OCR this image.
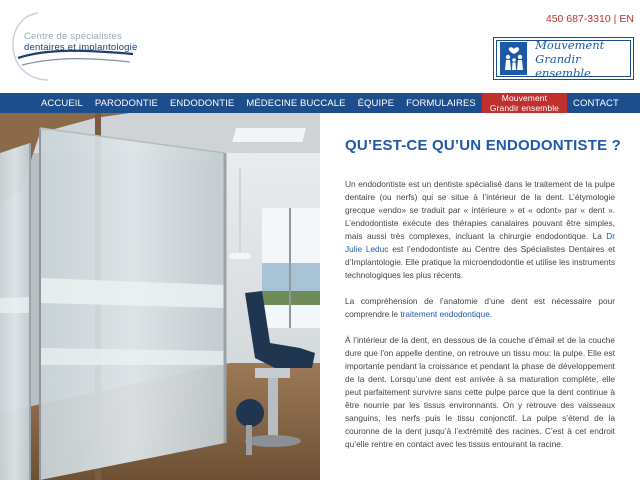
Centre de spécialistes
dentaires et implantologie
450 687-3310 | EN
Mouvement
Grandir ensemble
ACCUEIL	PARODONTIE	ENDODONTIE	MÉDECINE BUCCALE	ÉQUIPE	FORMULAIRES	Mouvement
Grandir ensemble	CONTACT
QU’EST-CE QU’UN ENDODONTISTE ?

Un endodontiste est un dentiste spécialisé dans le traitement de la pulpe dentaire (ou nerfs) qui se situe à l’intérieur de la dent. L’étymologie grecque «endo» se traduit par « intérieure » et « odont» par « dent ». L’endodontiste exécute des thérapies canalaires pouvant être simples, mais aussi très complexes, incluant la chirurgie endodontique. La Dr Julie Leduc est l’endodontiste au Centre des Spécialistes Dentaires et d’Implantologie. Elle pratique la microendodontie et utilise les instruments technologiques les plus récents.

La compréhension de l’anatomie d’une dent est nécessaire pour comprendre le traitement endodontique.

À l’intérieur de la dent, en dessous de la couche d’émail et de la couche dure que l’on appelle dentine, on retrouve un tissu mou: la pulpe. Elle est importante pendant la croissance et pendant la phase de développement de la dent. Lorsqu’une dent est arrivée à sa maturation complète, elle peut parfaitement survivre sans cette pulpe parce que la dent continue à être nourrie par les tissus environnants. On y retrouve des vaisseaux sanguins, les nerfs puis le tissu conjonctif. La pulpe s’étend de la couronne de la dent jusqu’à l’extrémité des racines. C’est à cet endroit qu’elle rentre en contact avec les tissus entourant la racine.
